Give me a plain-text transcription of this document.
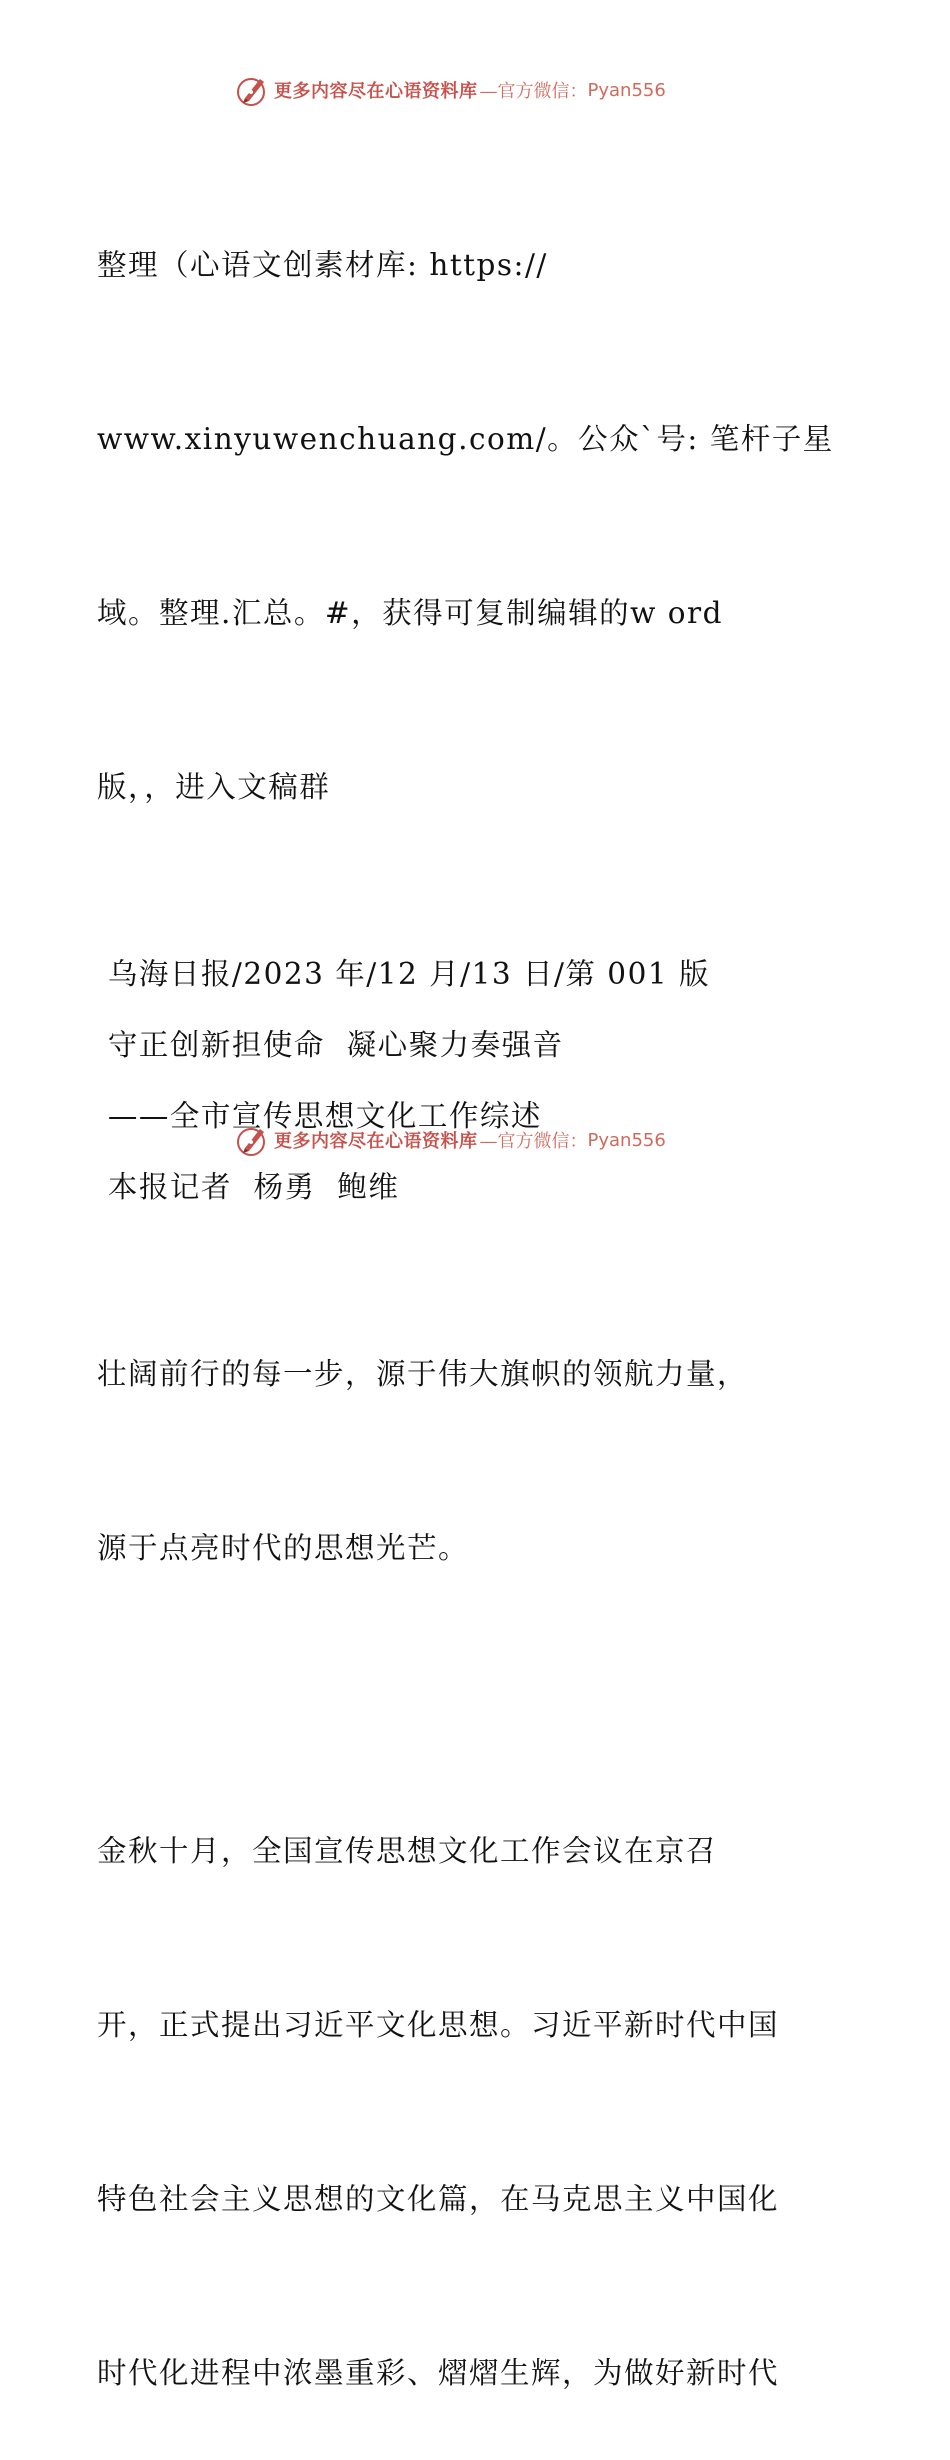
更多内容尽在心语资料库 —官方微信： Pyan556

整理（心语文创素材库: https://

www.xinyuwenchuang.com/。公众`号: 笔杆子星

域。整理.汇总。#，获得可复制编辑的w ord

版，，进入文稿群

乌海日报/2023 年/12 月/13 日/第 001 版
守正创新担使命  凝心聚力奏强音
——全市宣传思想文化工作综述
本报记者  杨勇  鲍维

壮阔前行的每一步，源于伟大旗帜的领航力量，

源于点亮时代的思想光芒。

金秋十月，全国宣传思想文化工作会议在京召

开，正式提出习近平文化思想。习近平新时代中国

特色社会主义思想的文化篇，在马克思主义中国化

时代化进程中浓墨重彩、熠熠生辉，为做好新时代

更多内容尽在心语资料库 —官方微信： Pyan556
